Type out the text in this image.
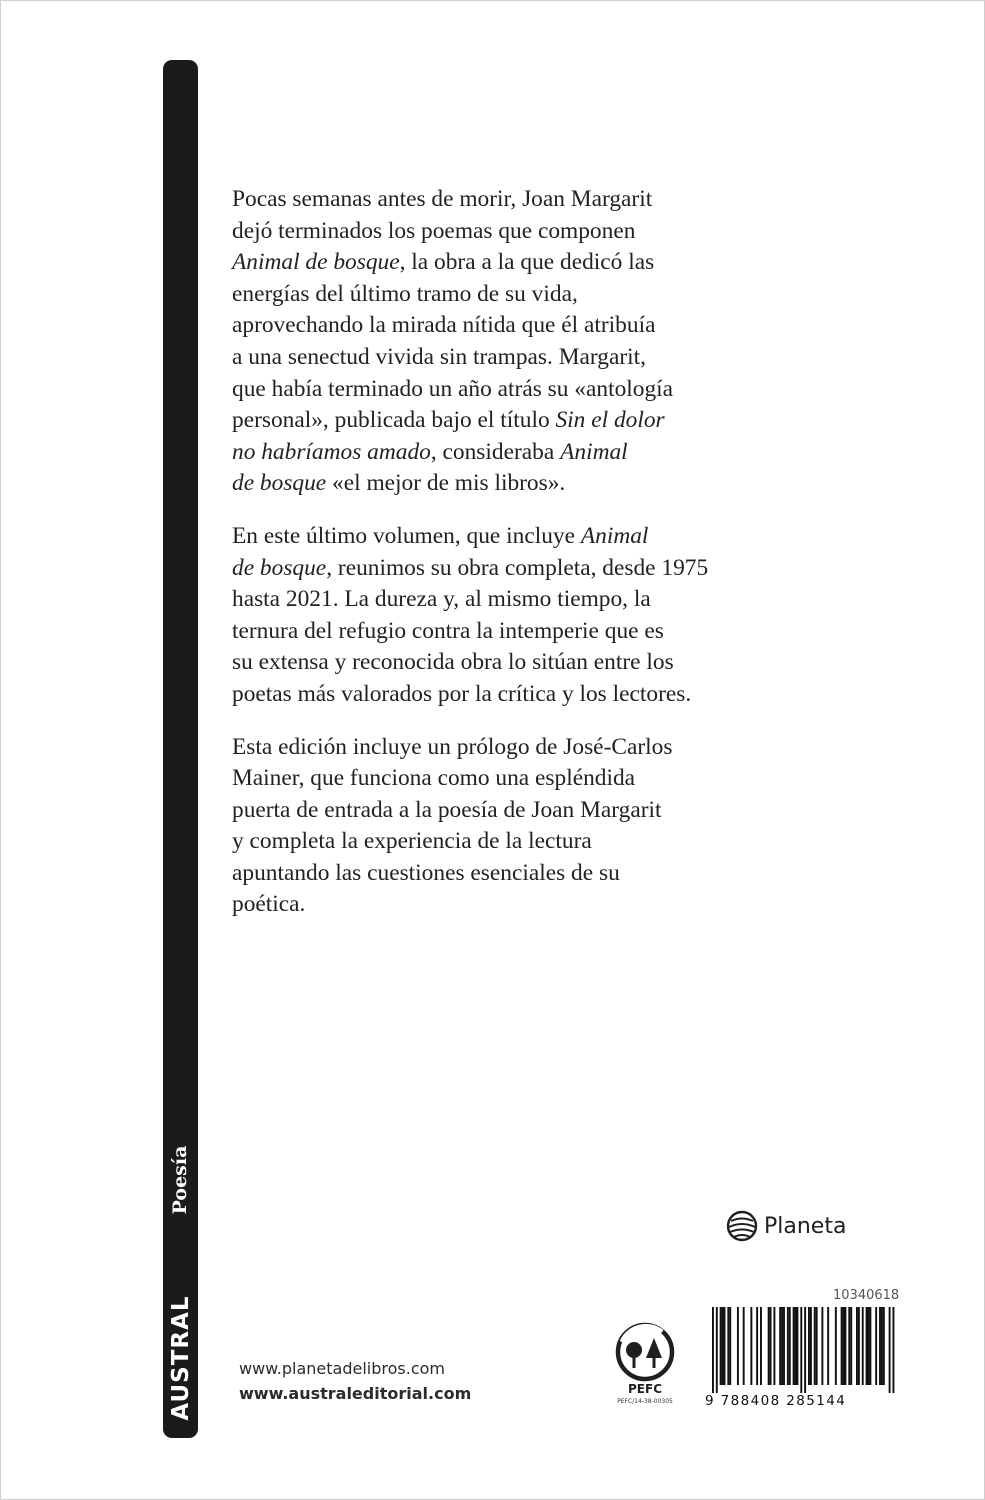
AUSTRAL
Poesía

Pocas semanas antes de morir, Joan Margarit
dejó terminados los poemas que componen
Animal de bosque, la obra a la que dedicó las
energías del último tramo de su vida,
aprovechando la mirada nítida que él atribuía
a una senectud vivida sin trampas. Margarit,
que había terminado un año atrás su «antología
personal», publicada bajo el título Sin el dolor
no habríamos amado, consideraba Animal
de bosque «el mejor de mis libros».

En este último volumen, que incluye Animal
de bosque, reunimos su obra completa, desde 1975
hasta 2021. La dureza y, al mismo tiempo, la
ternura del refugio contra la intemperie que es
su extensa y reconocida obra lo sitúan entre los
poetas más valorados por la crítica y los lectores.

Esta edición incluye un prólogo de José-Carlos
Mainer, que funciona como una espléndida
puerta de entrada a la poesía de Joan Margarit
y completa la experiencia de la lectura
apuntando las cuestiones esenciales de su
poética.

Planeta
PEFC
PEFC/14-38-00305
10340618
9 788408 285144
www.planetadelibros.com
www.australeditorial.com
